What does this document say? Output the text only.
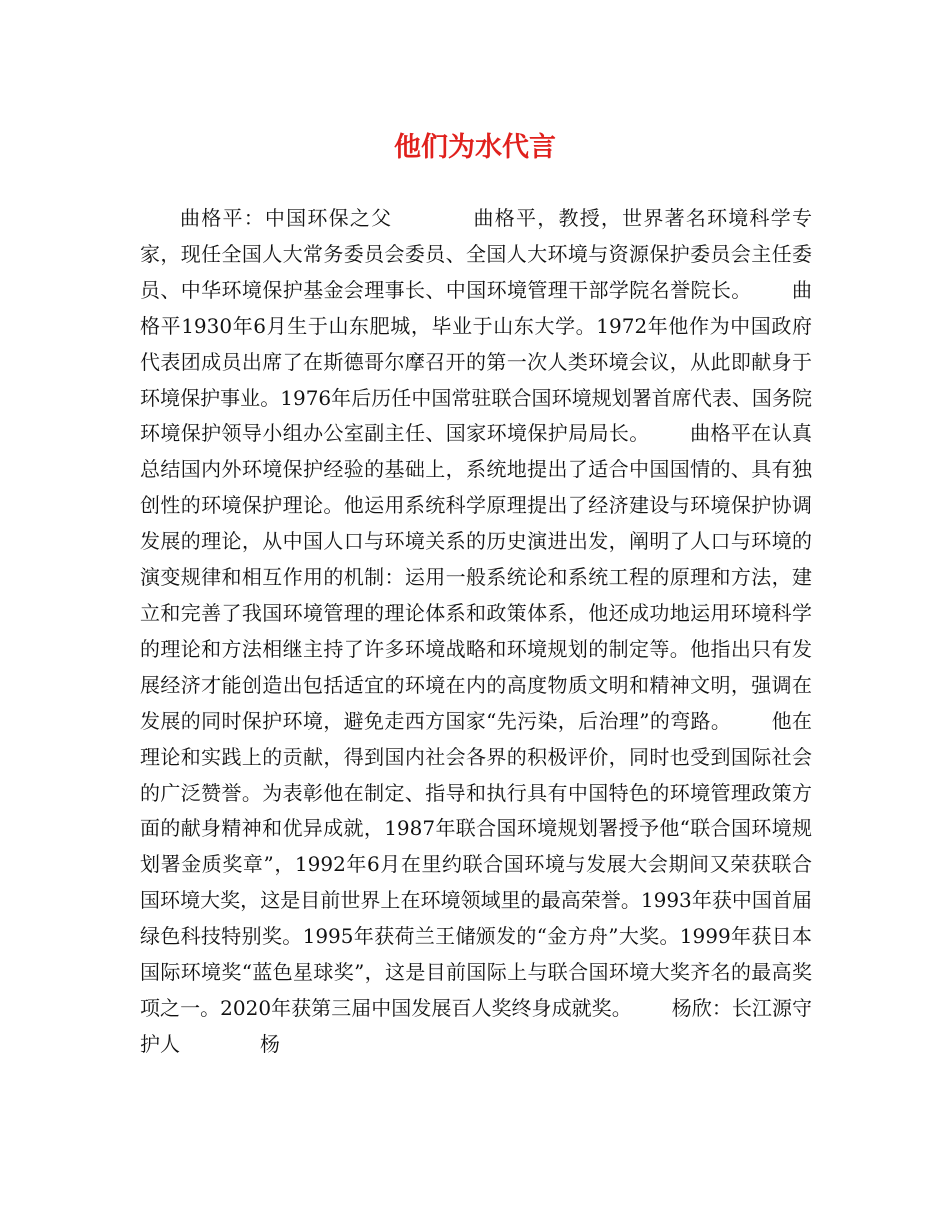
他们为水代言

曲格平：中国环保之父	曲格平，教授，世界著名环境科学专家，现任全国人大常务委员会委员、全国人大环境与资源保护委员会主任委员、中华环境保护基金会理事长、中国环境管理干部学院名誉院长。 曲格平1930年6月生于山东肥城，毕业于山东大学。1972年他作为中国政府代表团成员出席了在斯德哥尔摩召开的第一次人类环境会议，从此即献身于环境保护事业。1976年后历任中国常驻联合国环境规划署首席代表、国务院环境保护领导小组办公室副主任、国家环境保护局局长。 曲格平在认真总结国内外环境保护经验的基础上，系统地提出了适合中国国情的、具有独创性的环境保护理论。他运用系统科学原理提出了经济建设与环境保护协调发展的理论，从中国人口与环境关系的历史演进出发，阐明了人口与环境的演变规律和相互作用的机制：运用一般系统论和系统工程的原理和方法，建立和完善了我国环境管理的理论体系和政策体系，他还成功地运用环境科学的理论和方法相继主持了许多环境战略和环境规划的制定等。他指出只有发展经济才能创造出包括适宜的环境在内的高度物质文明和精神文明，强调在发展的同时保护环境，避免走西方国家“先污染，后治理”的弯路。 他在理论和实践上的贡献，得到国内社会各界的积极评价，同时也受到国际社会的广泛赞誉。为表彰他在制定、指导和执行具有中国特色的环境管理政策方面的献身精神和优异成就，1987年联合国环境规划署授予他“联合国环境规划署金质奖章”，1992年6月在里约联合国环境与发展大会期间又荣获联合国环境大奖，这是目前世界上在环境领域里的最高荣誉。1993年获中国首届绿色科技特别奖。1995年获荷兰王储颁发的“金方舟”大奖。1999年获日本国际环境奖“蓝色星球奖”，这是目前国际上与联合国环境大奖齐名的最高奖项之一。2020年获第三届中国发展百人奖终身成就奖。 杨欣：长江源守护人	杨
